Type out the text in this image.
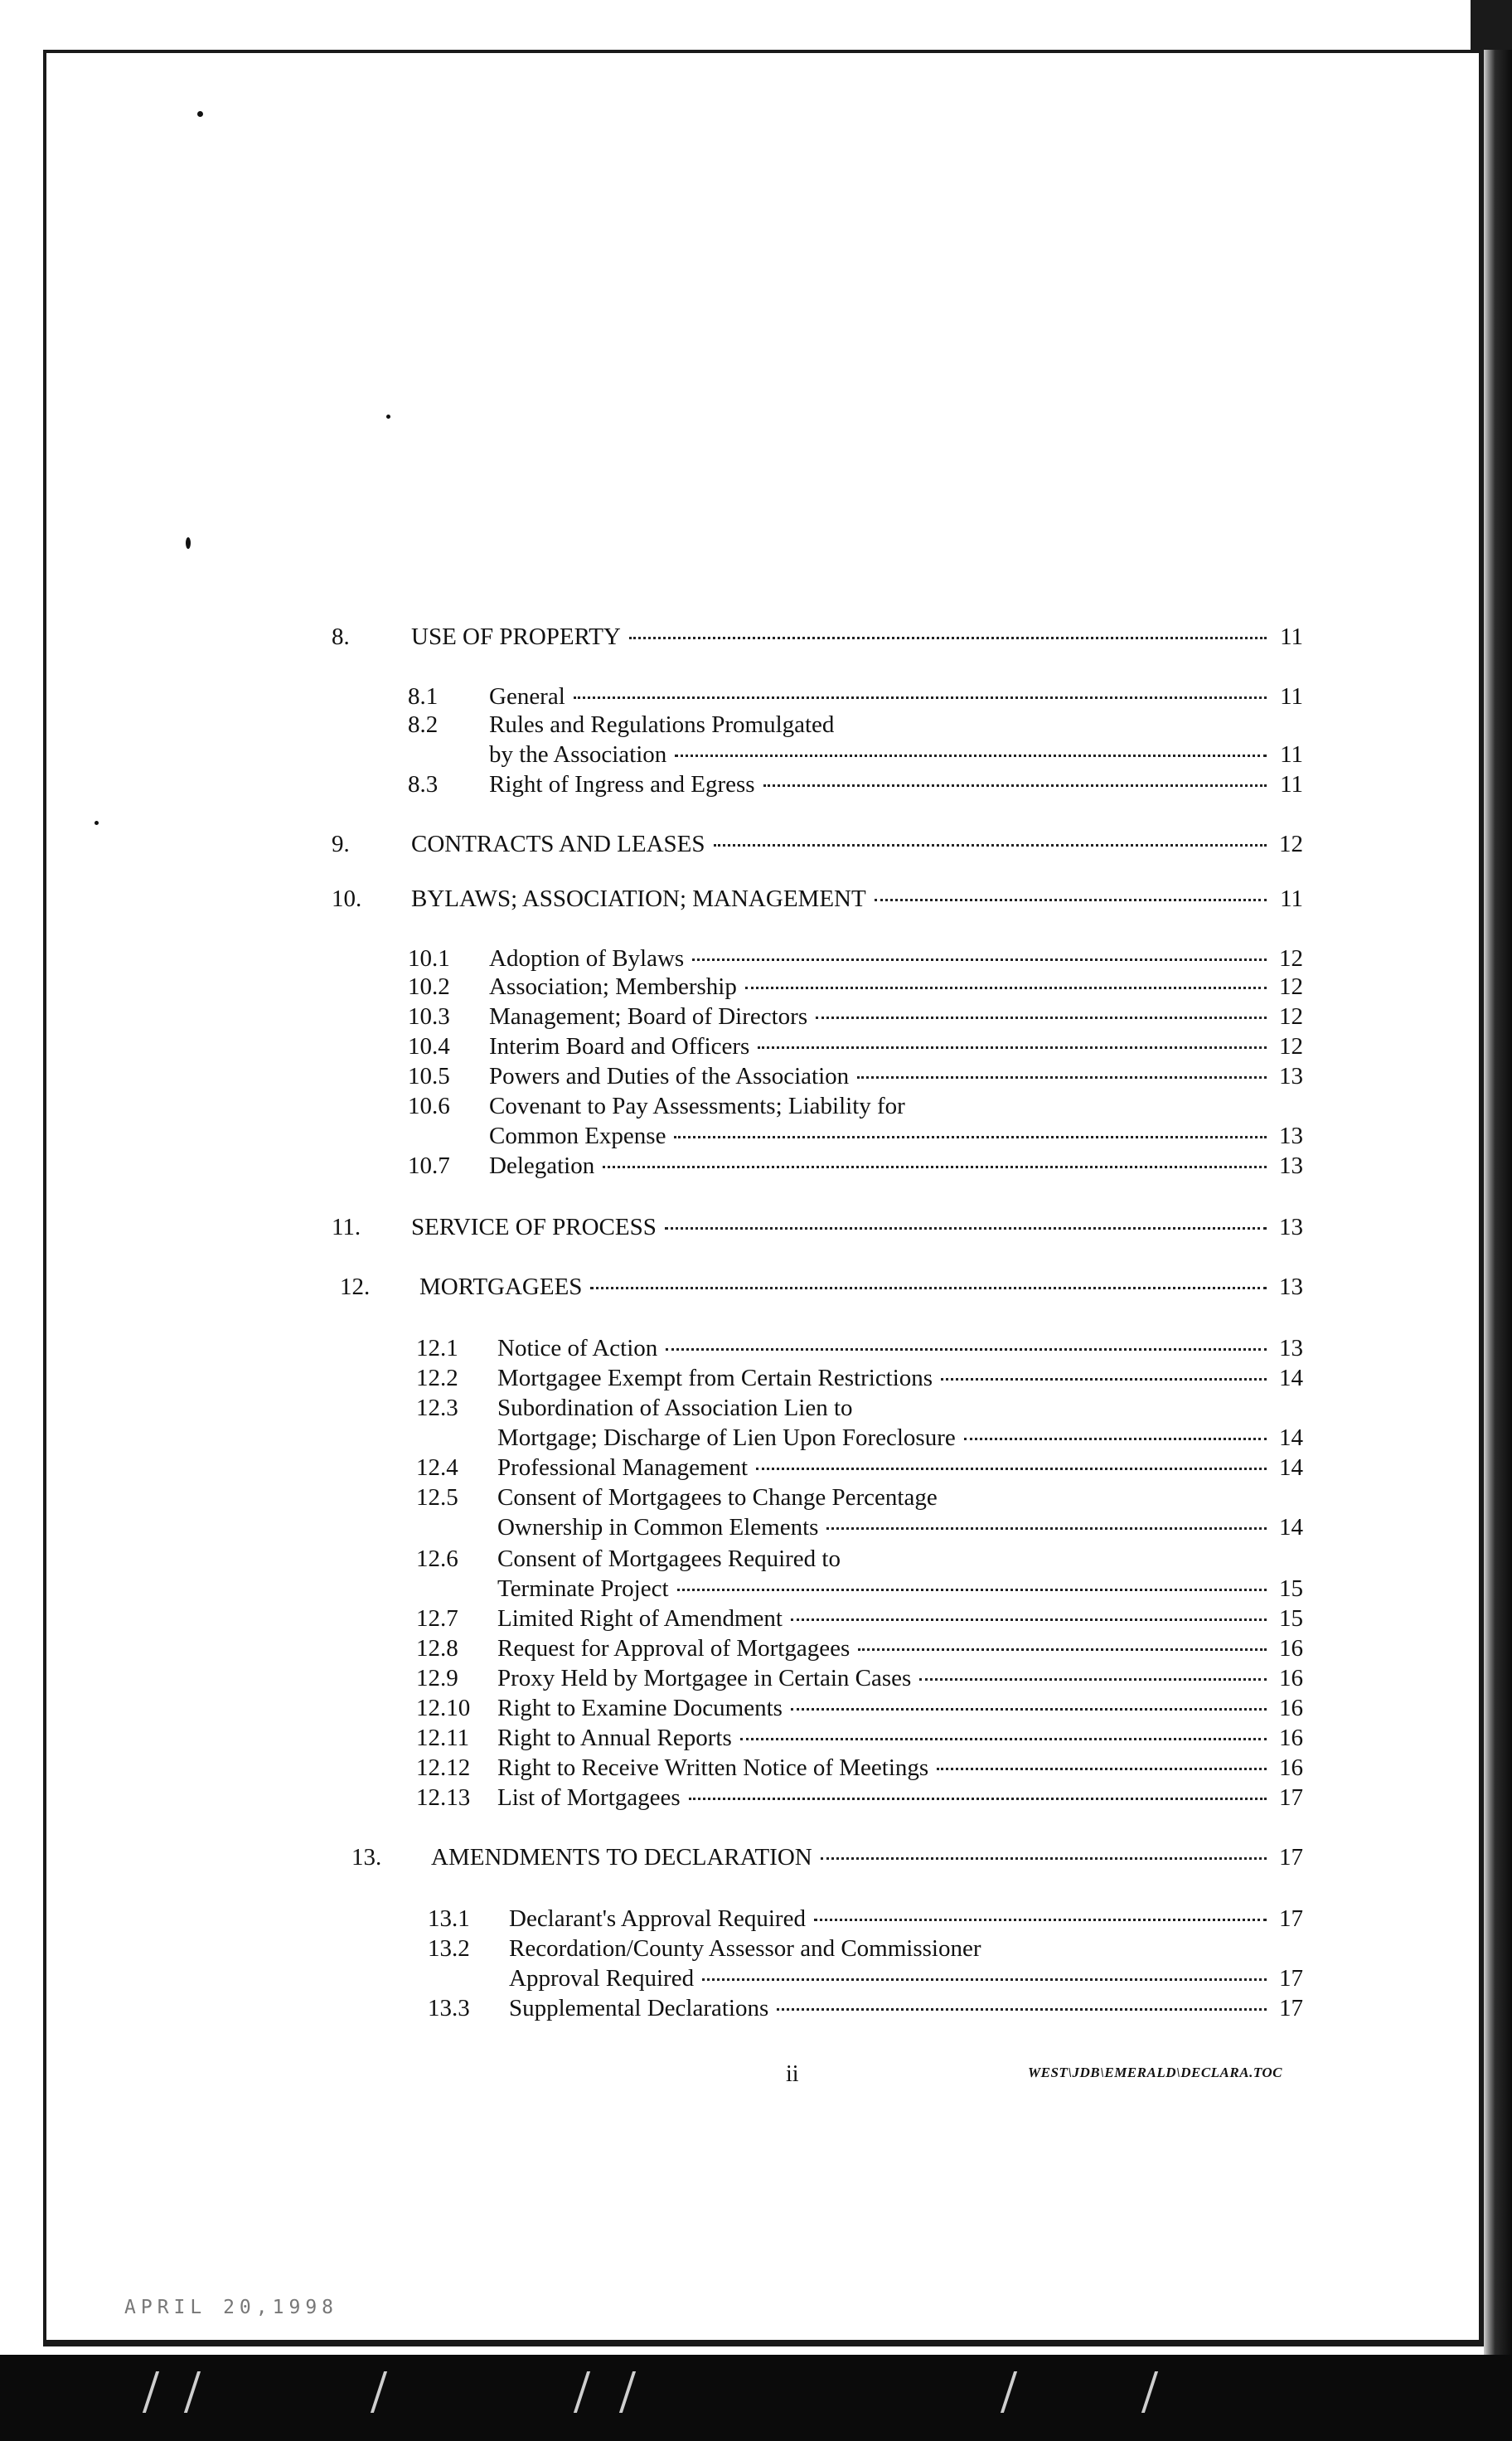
8.	USE OF PROPERTY	11
8.1	General	11
8.2	Rules and Regulations Promulgated
by the Association	11
8.3	Right of Ingress and Egress	11
9.	CONTRACTS AND LEASES	12
10.	BYLAWS; ASSOCIATION; MANAGEMENT	11
10.1	Adoption of Bylaws	12
10.2	Association; Membership	12
10.3	Management; Board of Directors	12
10.4	Interim Board and Officers	12
10.5	Powers and Duties of the Association	13
10.6	Covenant to Pay Assessments; Liability for
Common Expense	13
10.7	Delegation	13
11.	SERVICE OF PROCESS	13
12.	MORTGAGEES	13
12.1	Notice of Action	13
12.2	Mortgagee Exempt from Certain Restrictions	14
12.3	Subordination of Association Lien to
Mortgage; Discharge of Lien Upon Foreclosure	14
12.4	Professional Management	14
12.5	Consent of Mortgagees to Change Percentage
Ownership in Common Elements	14
12.6	Consent of Mortgagees Required to
Terminate Project	15
12.7	Limited Right of Amendment	15
12.8	Request for Approval of Mortgagees	16
12.9	Proxy Held by Mortgagee in Certain Cases	16
12.10	Right to Examine Documents	16
12.11	Right to Annual Reports	16
12.12	Right to Receive Written Notice of Meetings	16
12.13	List of Mortgagees	17
13.	AMENDMENTS TO DECLARATION	17
13.1	Declarant's Approval Required	17
13.2	Recordation/County Assessor and Commissioner
Approval Required	17
13.3	Supplemental Declarations	17
ii	WEST\JDB\EMERALD\DECLARA.TOC
APRIL 20,1998
